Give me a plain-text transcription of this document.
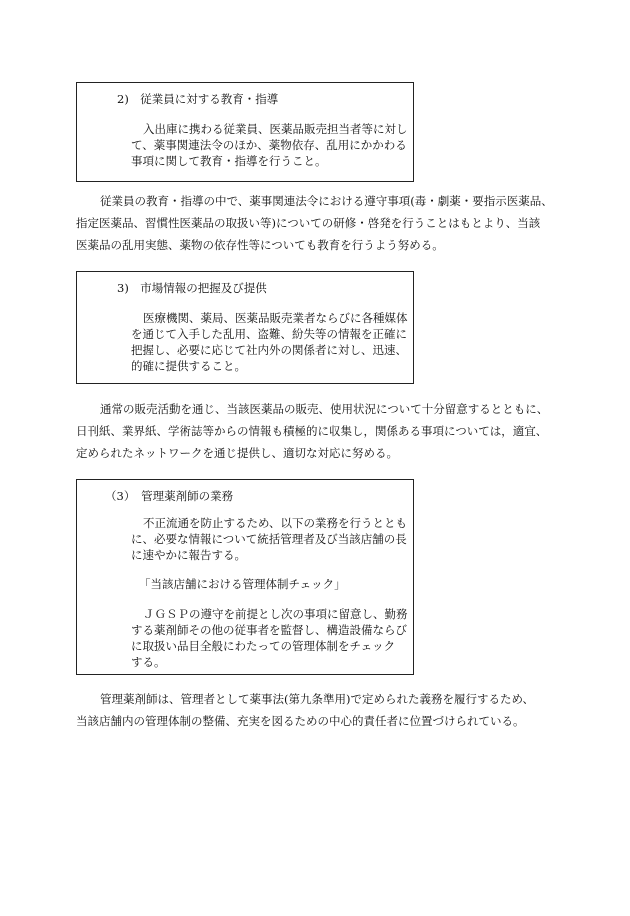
2)　従業員に対する教育・指導
入出庫に携わる従業員、医薬品販売担当者等に対し
て、薬事関連法令のほか、薬物依存、乱用にかかわる
事項に関して教育・指導を行うこと。
従業員の教育・指導の中で、薬事関連法令における遵守事項(毒・劇薬・要指示医薬品、
指定医薬品、習慣性医薬品の取扱い等)についての研修・啓発を行うことはもとより、当該
医薬品の乱用実態、薬物の依存性等についても教育を行うよう努める。
3)　市場情報の把握及び提供
医療機関、薬局、医薬品販売業者ならびに各種媒体
を通じて入手した乱用、盗難、紛失等の情報を正確に
把握し、必要に応じて社内外の関係者に対し、迅速、
的確に提供すること。
通常の販売活動を通じ、当該医薬品の販売、使用状況について十分留意するとともに、
日刊紙、業界紙、学術誌等からの情報も積極的に収集し，関係ある事項については，適宜、
定められたネットワークを通じ提供し、適切な対応に努める。
（3）　管理薬剤師の業務
不正流通を防止するため、以下の業務を行うととも
に、必要な情報について統括管理者及び当該店舗の長
に速やかに報告する。
「当該店舗における管理体制チェック」
ＪＧＳＰの遵守を前提とし次の事項に留意し、勤務
する薬剤師その他の従事者を監督し、構造設備ならび
に取扱い品目全般にわたっての管理体制をチェック
する。
管理薬剤師は、管理者として薬事法(第九条準用)で定められた義務を履行するため、
当該店舗内の管理体制の整備、充実を図るための中心的責任者に位置づけられている。
